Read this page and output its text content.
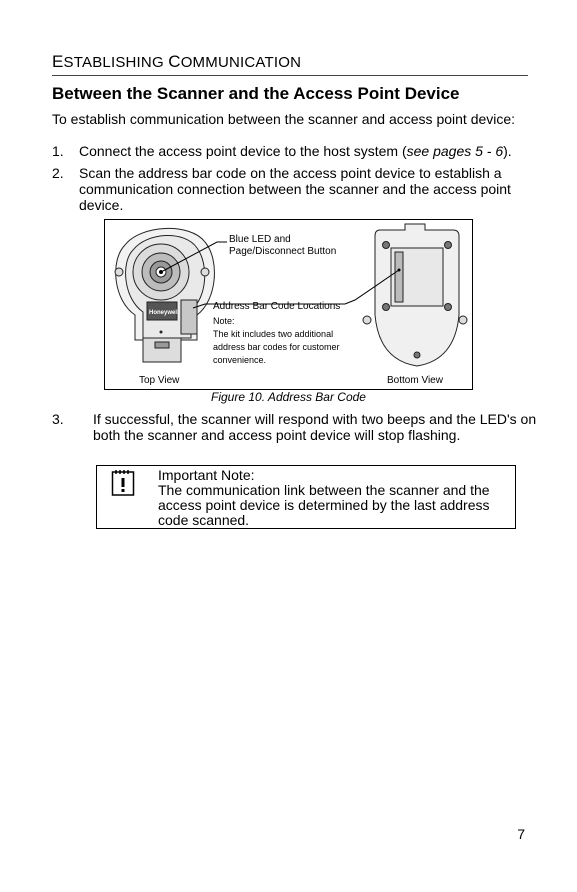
ESTABLISHING COMMUNICATION
Between the Scanner and the Access Point Device
To establish communication between the scanner and access point device:
1. Connect the access point device to the host system (see pages 5 - 6).
2. Scan the address bar code on the access point device to establish a
communication connection between the scanner and the access point
device.
Honeywell
Blue LED and
Page/Disconnect Button
Address Bar Code Locations
Note:
The kit includes two additional
address bar codes for customer
convenience.
Top View	Bottom View
Figure 10. Address Bar Code
3. If successful, the scanner will respond with two beeps and the LED's on
both the scanner and access point device will stop flashing.
Important Note:
The communication link between the scanner and the
access point device is determined by the last address
code scanned.
7
